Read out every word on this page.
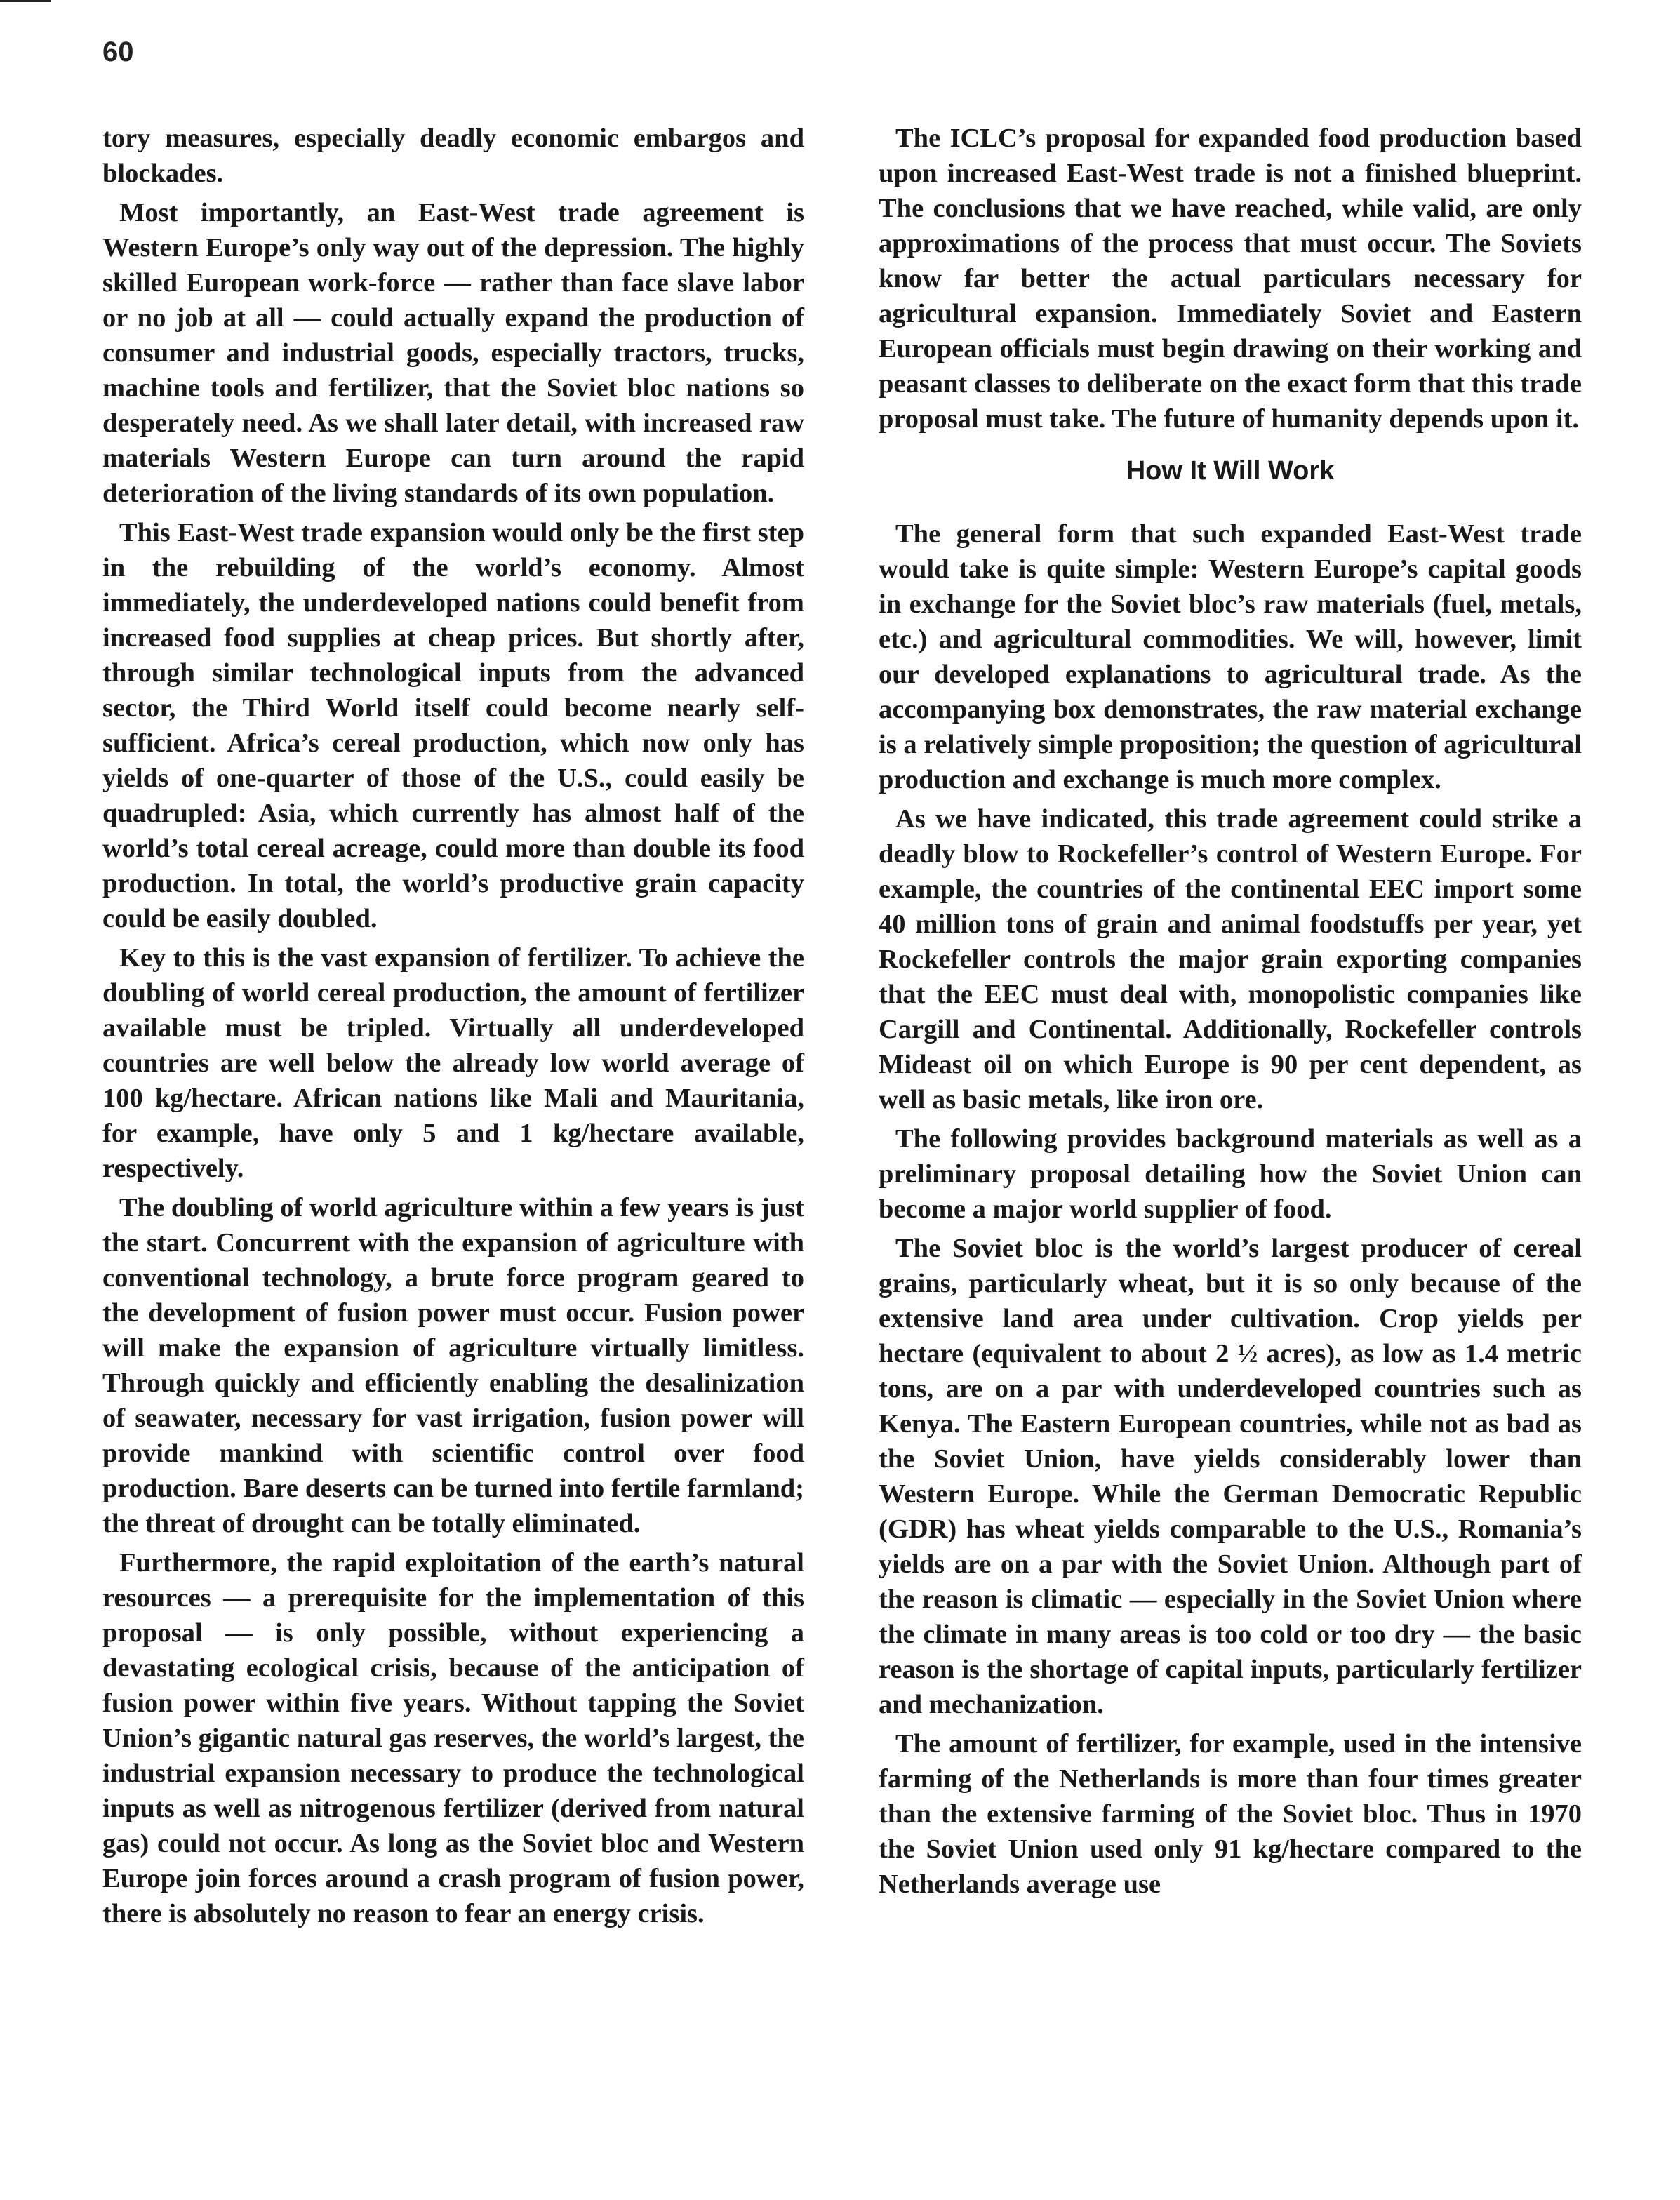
60

tory measures, especially deadly economic embargos and blockades.

Most importantly, an East-West trade agreement is Western Europe’s only way out of the depression. The highly skilled European work-force — rather than face slave labor or no job at all — could actually expand the production of consumer and industrial goods, especially tractors, trucks, machine tools and fertilizer, that the Soviet bloc nations so desperately need. As we shall later detail, with increased raw materials Western Europe can turn around the rapid deterioration of the living standards of its own population.

This East-West trade expansion would only be the first step in the rebuilding of the world’s economy. Almost immediately, the underdeveloped nations could benefit from increased food supplies at cheap prices. But shortly after, through similar technological inputs from the advanced sector, the Third World itself could become nearly self-sufficient. Africa’s cereal production, which now only has yields of one-quarter of those of the U.S., could easily be quadrupled: Asia, which currently has almost half of the world’s total cereal acreage, could more than double its food production. In total, the world’s productive grain capacity could be easily doubled.

Key to this is the vast expansion of fertilizer. To achieve the doubling of world cereal production, the amount of fertilizer available must be tripled. Virtually all underdeveloped countries are well below the already low world average of 100 kg/hectare. African nations like Mali and Mauritania, for example, have only 5 and 1 kg/hectare available, respectively.

The doubling of world agriculture within a few years is just the start. Concurrent with the expansion of agriculture with conventional technology, a brute force program geared to the development of fusion power must occur. Fusion power will make the expansion of agriculture virtually limitless. Through quickly and efficiently enabling the desalinization of seawater, necessary for vast irrigation, fusion power will provide mankind with scientific control over food production. Bare deserts can be turned into fertile farmland; the threat of drought can be totally eliminated.

Furthermore, the rapid exploitation of the earth’s natural resources — a prerequisite for the implementation of this proposal — is only possible, without experiencing a devastating ecological crisis, because of the anticipation of fusion power within five years. Without tapping the Soviet Union’s gigantic natural gas reserves, the world’s largest, the industrial expansion necessary to produce the technological inputs as well as nitrogenous fertilizer (derived from natural gas) could not occur. As long as the Soviet bloc and Western Europe join forces around a crash program of fusion power, there is absolutely no reason to fear an energy crisis.

The ICLC’s proposal for expanded food production based upon increased East-West trade is not a finished blueprint. The conclusions that we have reached, while valid, are only approximations of the process that must occur. The Soviets know far better the actual particulars necessary for agricultural expansion. Immediately Soviet and Eastern European officials must begin drawing on their working and peasant classes to deliberate on the exact form that this trade proposal must take. The future of humanity depends upon it.

How It Will Work

The general form that such expanded East-West trade would take is quite simple: Western Europe’s capital goods in exchange for the Soviet bloc’s raw materials (fuel, metals, etc.) and agricultural commodities. We will, however, limit our developed explanations to agricultural trade. As the accompanying box demonstrates, the raw material exchange is a relatively simple proposition; the question of agricultural production and exchange is much more complex.

As we have indicated, this trade agreement could strike a deadly blow to Rockefeller’s control of Western Europe. For example, the countries of the continental EEC import some 40 million tons of grain and animal foodstuffs per year, yet Rockefeller controls the major grain exporting companies that the EEC must deal with, monopolistic companies like Cargill and Continental. Additionally, Rockefeller controls Mideast oil on which Europe is 90 per cent dependent, as well as basic metals, like iron ore.

The following provides background materials as well as a preliminary proposal detailing how the Soviet Union can become a major world supplier of food.

The Soviet bloc is the world’s largest producer of cereal grains, particularly wheat, but it is so only because of the extensive land area under cultivation. Crop yields per hectare (equivalent to about 2 ½ acres), as low as 1.4 metric tons, are on a par with underdeveloped countries such as Kenya. The Eastern European countries, while not as bad as the Soviet Union, have yields considerably lower than Western Europe. While the German Democratic Republic (GDR) has wheat yields comparable to the U.S., Romania’s yields are on a par with the Soviet Union. Although part of the reason is climatic — especially in the Soviet Union where the climate in many areas is too cold or too dry — the basic reason is the shortage of capital inputs, particularly fertilizer and mechanization.

The amount of fertilizer, for example, used in the intensive farming of the Netherlands is more than four times greater than the extensive farming of the Soviet bloc. Thus in 1970 the Soviet Union used only 91 kg/hectare compared to the Netherlands average use
